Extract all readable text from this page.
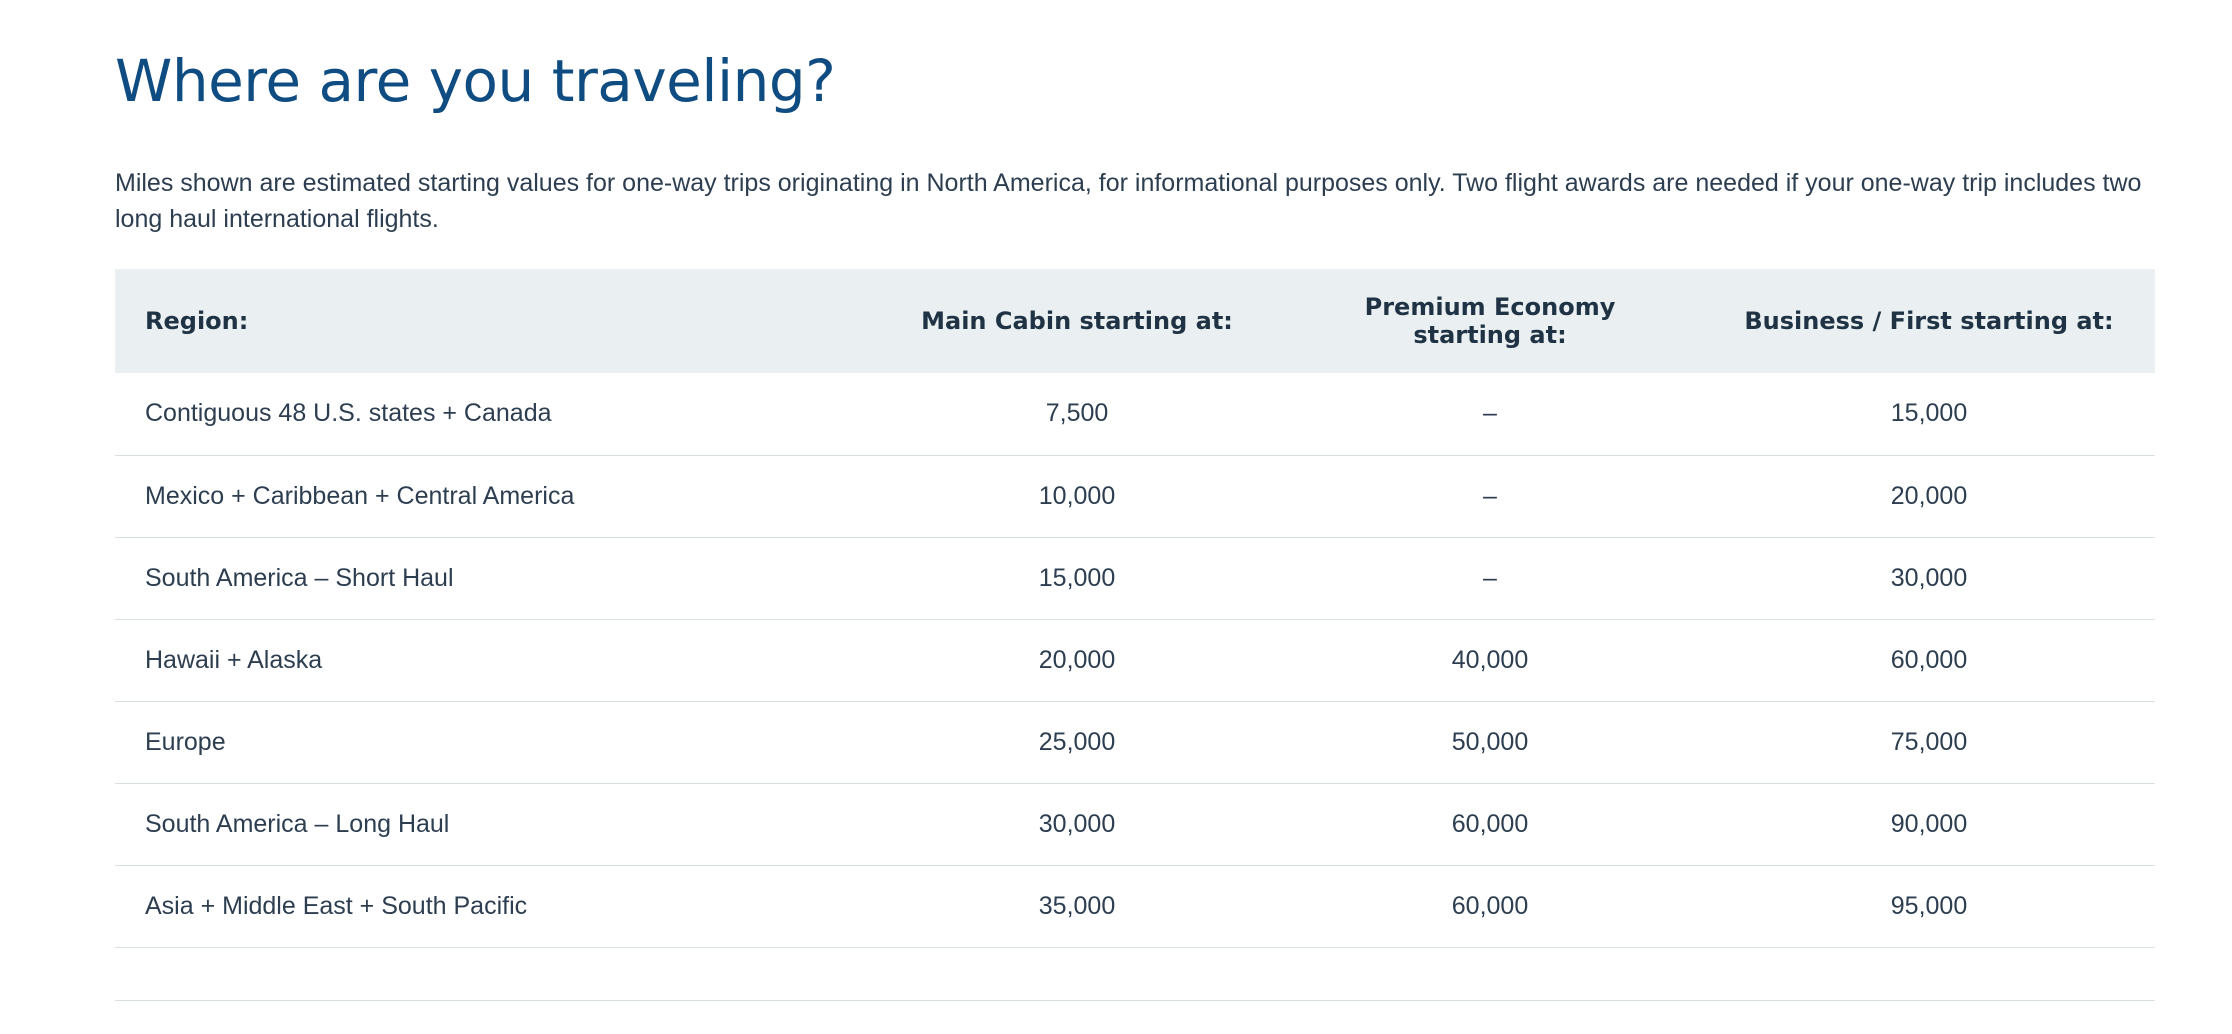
Where are you traveling?

Miles shown are estimated starting values for one-way trips originating in North America, for informational purposes only. Two flight awards are needed if your one-way trip includes two long haul international flights.

Region:	Main Cabin starting at:	Premium Economy starting at:	Business / First starting at:
Contiguous 48 U.S. states + Canada	7,500	–	15,000
Mexico + Caribbean + Central America	10,000	–	20,000
South America – Short Haul	15,000	–	30,000
Hawaii + Alaska	20,000	40,000	60,000
Europe	25,000	50,000	75,000
South America – Long Haul	30,000	60,000	90,000
Asia + Middle East + South Pacific	35,000	60,000	95,000
